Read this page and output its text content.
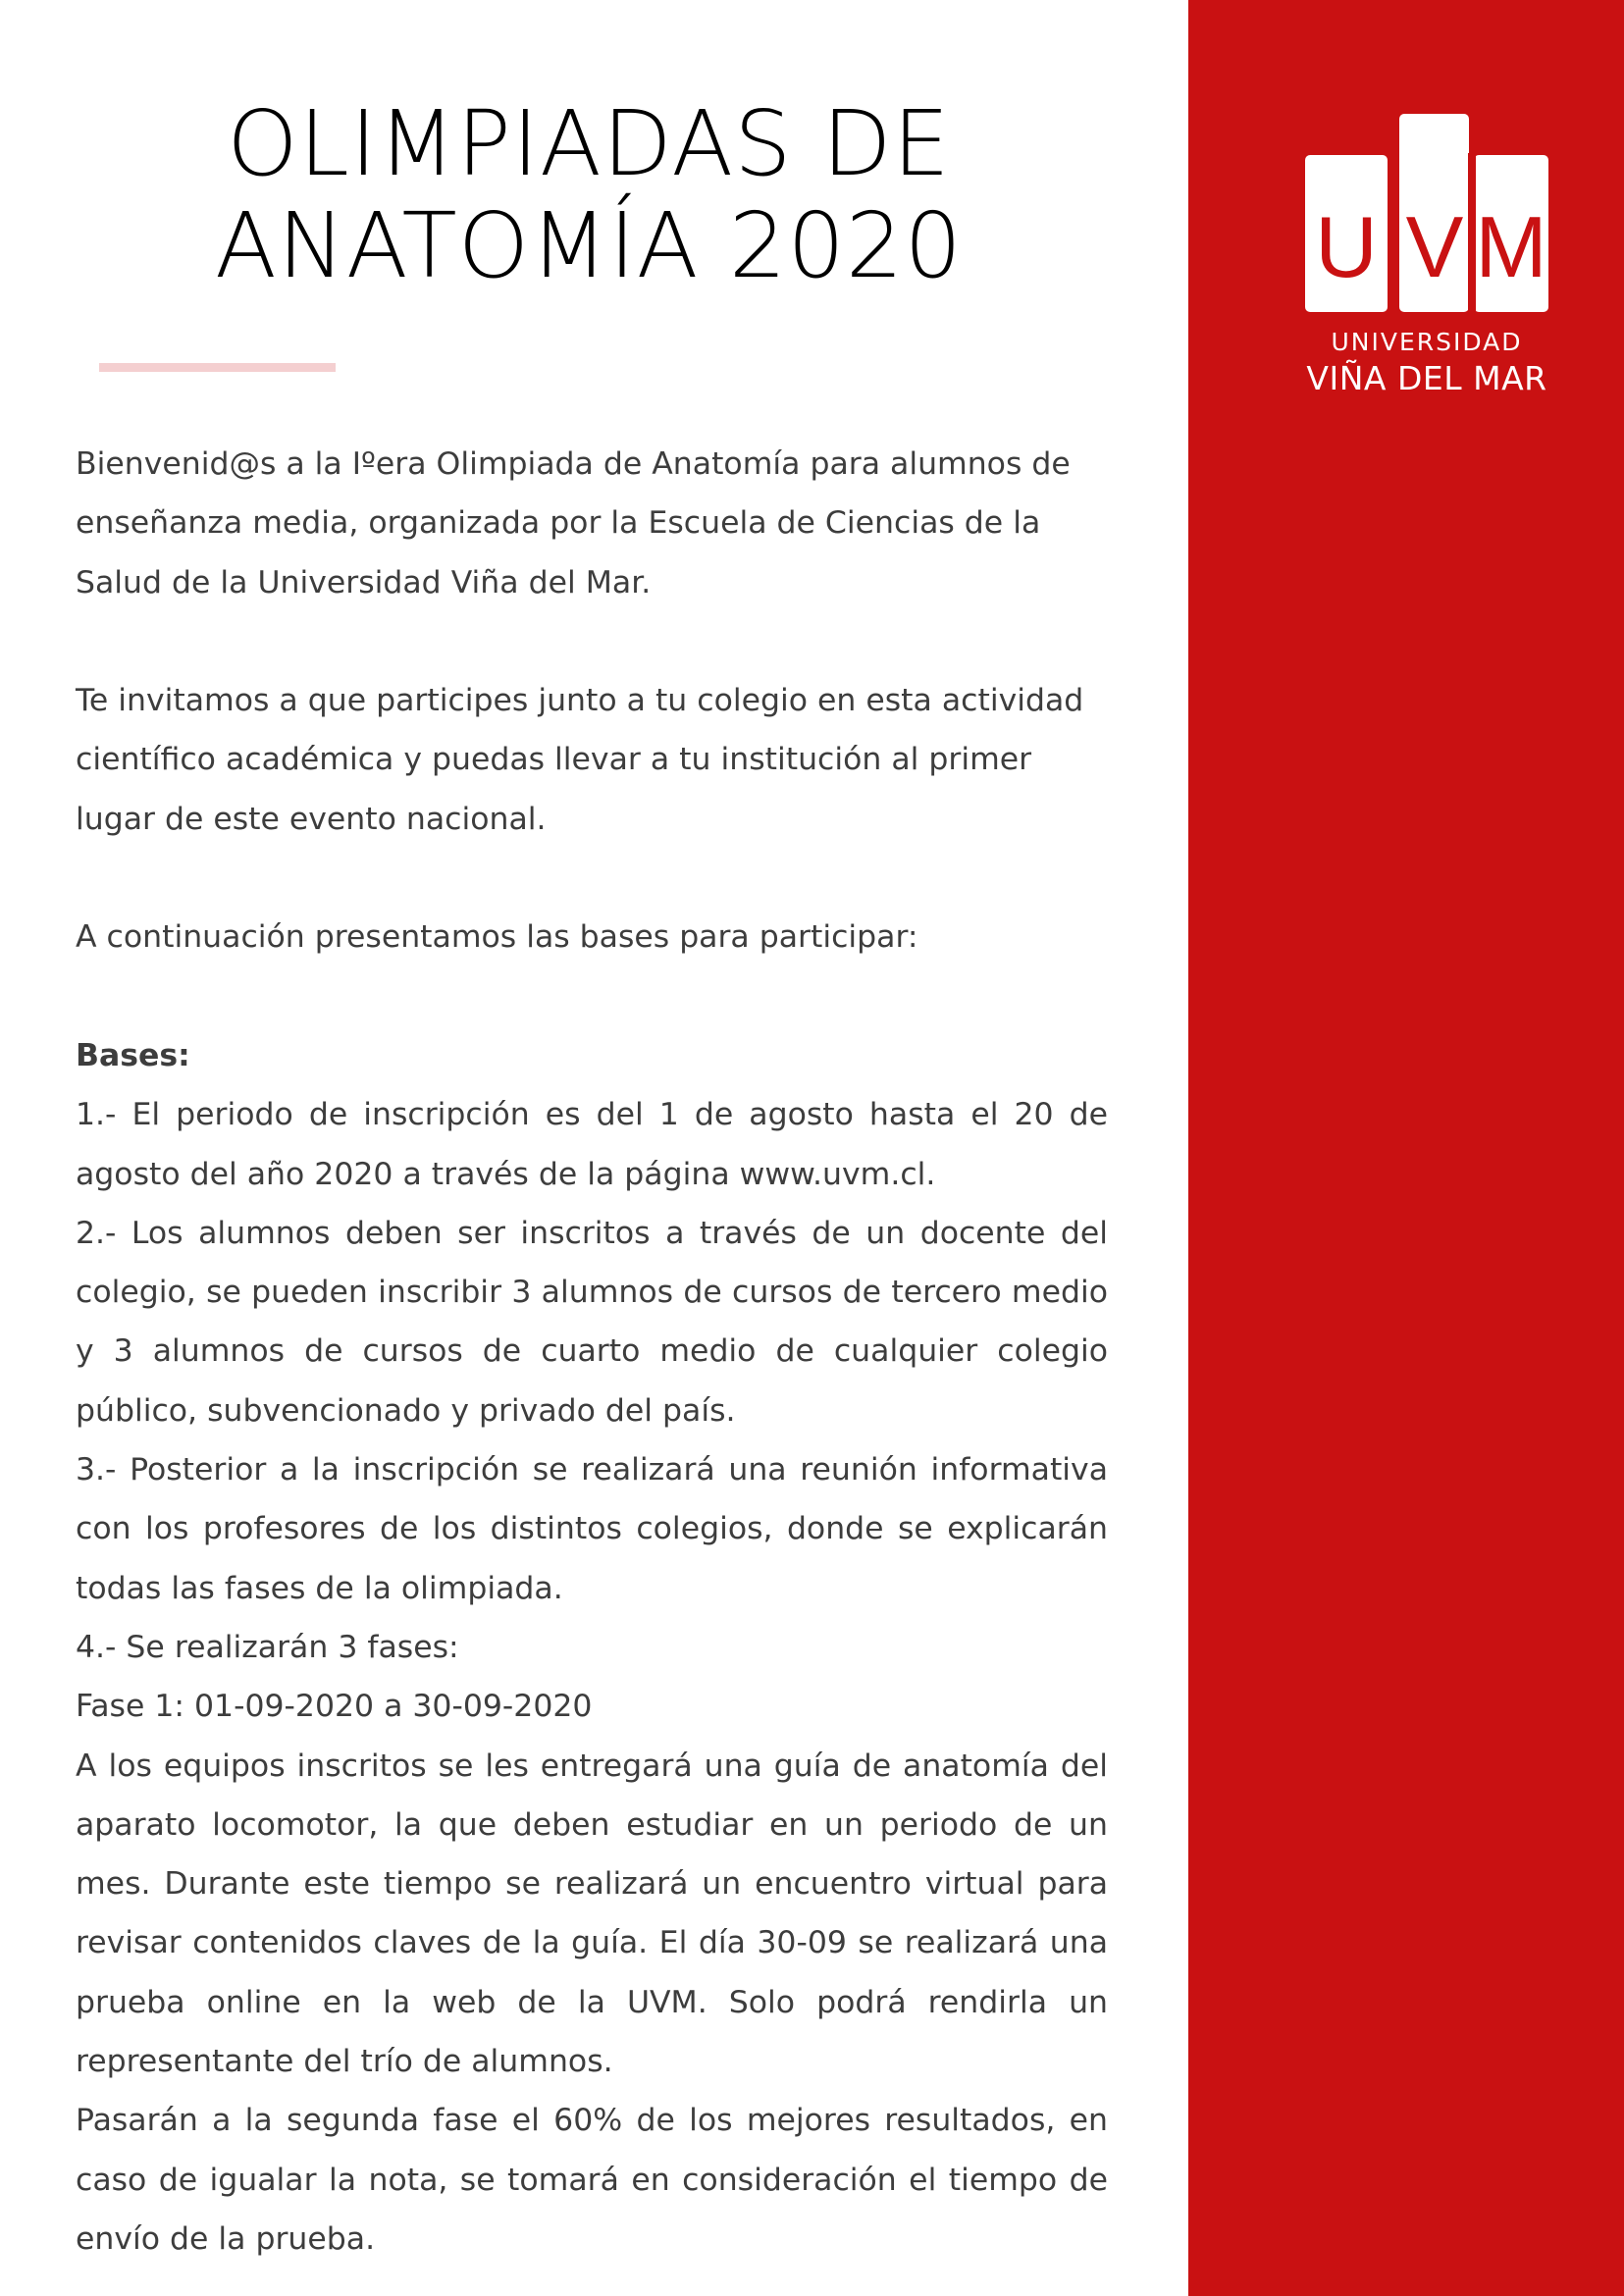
U V M
UNIVERSIDAD
VIÑA DEL MAR
OLIMPIADAS DE
ANATOMÍA 2020

Bienvenid@s a la Iºera Olimpiada de Anatomía para alumnos de enseñanza media, organizada por la Escuela de Ciencias de la Salud de la Universidad Viña del Mar.

Te invitamos a que participes junto a tu colegio en esta actividad científico académica y puedas llevar a tu institución al primer lugar de este evento nacional.

A continuación presentamos las bases para participar:

Bases:

1.- El periodo de inscripción es del 1 de agosto hasta el 20 de agosto del año 2020 a través de la página www.uvm.cl.

2.- Los alumnos deben ser inscritos a través de un docente del colegio, se pueden inscribir 3 alumnos de cursos de tercero medio y 3 alumnos de cursos de cuarto medio de cualquier colegio público, subvencionado y privado del país.

3.- Posterior a la inscripción se realizará una reunión informativa con los profesores de los distintos colegios, donde se explicarán todas las fases de la olimpiada.

4.- Se realizarán 3 fases:

Fase 1: 01-09-2020 a 30-09-2020

A los equipos inscritos se les entregará una guía de anatomía del aparato locomotor, la que deben estudiar en un periodo de un mes. Durante este tiempo se realizará un encuentro virtual para revisar contenidos claves de la guía. El día 30-09 se realizará una prueba online en la web de la UVM. Solo podrá rendirla un representante del trío de alumnos.

Pasarán a la segunda fase el 60% de los mejores resultados, en caso de igualar la nota, se tomará en consideración el tiempo de envío de la prueba.
